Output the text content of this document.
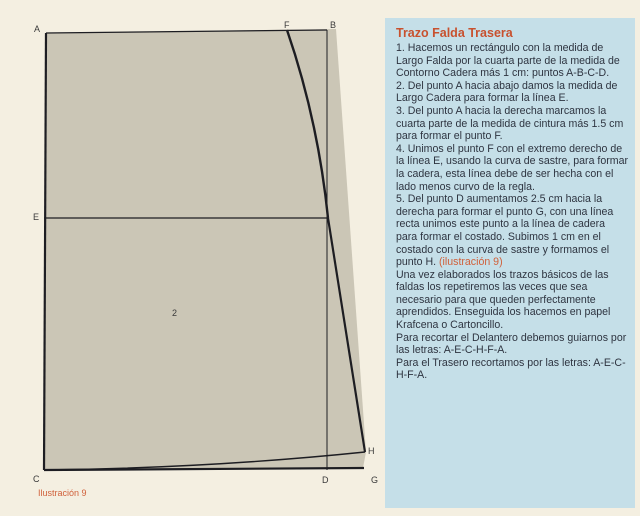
A	F	B
E
2
H
C	D	G
Ilustración 9
Trazo Falda Trasera

1. Hacemos un rectángulo con la medida de Largo Falda por la cuarta parte de la medida de Contorno Cadera más 1 cm: puntos A-B-C-D.

2. Del punto A hacia abajo damos la medida de Largo Cadera para formar la línea E.

3. Del punto A hacia la derecha marcamos la cuarta parte de la medida de cintura más 1.5 cm para formar el punto F.

4. Unimos el punto F con el extremo derecho de la línea E, usando la curva de sastre, para formar la cadera, esta línea debe de ser hecha con el lado menos curvo de la regla.

5. Del punto D aumentamos 2.5 cm hacia la derecha para formar el punto G, con una línea recta unimos este punto a la línea de cadera para formar el costado. Subimos 1 cm en el costado con la curva de sastre y formamos el punto H. (ilustración 9)

Una vez elaborados los trazos básicos de las faldas los repetiremos las veces que sea necesario para que queden perfectamente aprendidos. Enseguida los hacemos en papel Krafcena o Cartoncillo.

Para recortar el Delantero debemos guiarnos por las letras: A-E-C-H-F-A.

Para el Trasero recortamos por las letras: A-E-C-H-F-A.
